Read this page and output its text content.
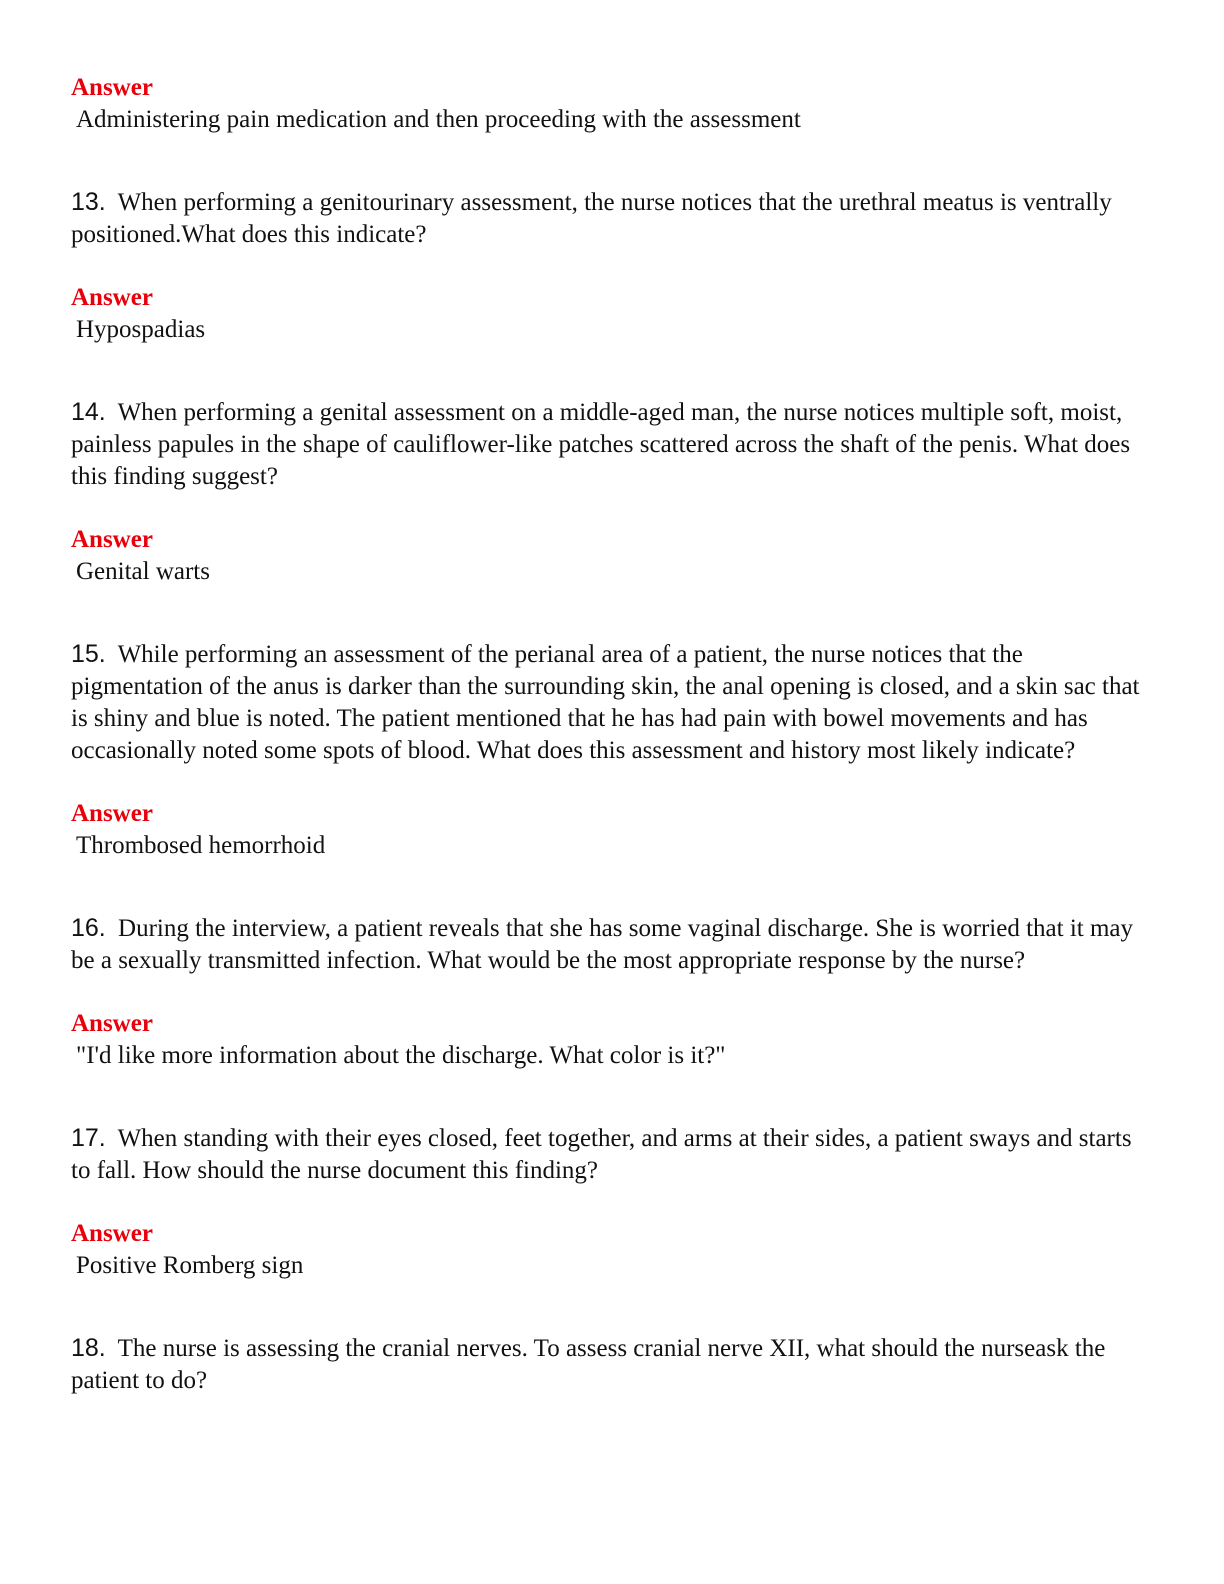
Answer

Administering pain medication and then proceeding with the assessment

13. When performing a genitourinary assessment, the nurse notices that the urethral meatus is ventrally positioned.What does this indicate?

Answer

Hypospadias

14. When performing a genital assessment on a middle-aged man, the nurse notices multiple soft, moist, painless papules in the shape of cauliflower-like patches scattered across the shaft of the penis. What does this finding suggest?

Answer

Genital warts

15. While performing an assessment of the perianal area of a patient, the nurse notices that the pigmentation of the anus is darker than the surrounding skin, the anal opening is closed, and a skin sac that is shiny and blue is noted. The patient mentioned that he has had pain with bowel movements and has occasionally noted some spots of blood. What does this assessment and history most likely indicate?

Answer

Thrombosed hemorrhoid

16. During the interview, a patient reveals that she has some vaginal discharge. She is worried that it may be a sexually transmitted infection. What would be the most appropriate response by the nurse?

Answer

"I'd like more information about the discharge. What color is it?"

17. When standing with their eyes closed, feet together, and arms at their sides, a patient sways and starts to fall. How should the nurse document this finding?

Answer

Positive Romberg sign

18. The nurse is assessing the cranial nerves. To assess cranial nerve XII, what should the nurseask the patient to do?
